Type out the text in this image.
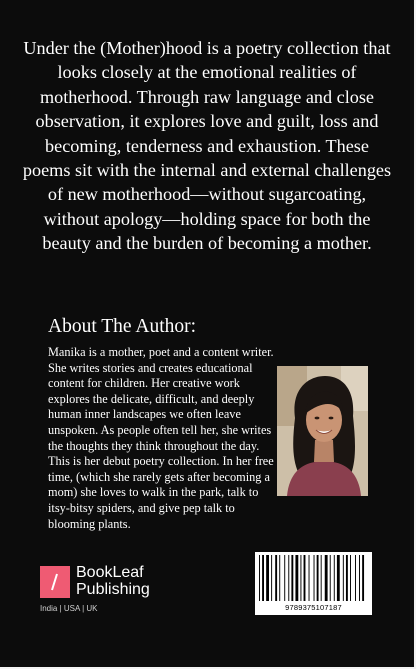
Under the (Mother)hood is a poetry collection that looks closely at the emotional realities of motherhood. Through raw language and close observation, it explores love and guilt, loss and becoming, tenderness and exhaustion. These poems sit with the internal and external challenges of new motherhood—without sugarcoating, without apology—holding space for both the beauty and the burden of becoming a mother.
About The Author:
Manika is a mother, poet and a content writer. She writes stories and creates educational content for children. Her creative work explores the delicate, difficult, and deeply human inner landscapes we often leave unspoken. As people often tell her, she writes the thoughts they think throughout the day. This is her debut poetry collection. In her free time, (which she rarely gets after becoming a mom) she loves to walk in the park, talk to itsy-bitsy spiders, and give pep talk to blooming plants.
BookLeaf
Publishing
India | USA | UK	9789375107187
